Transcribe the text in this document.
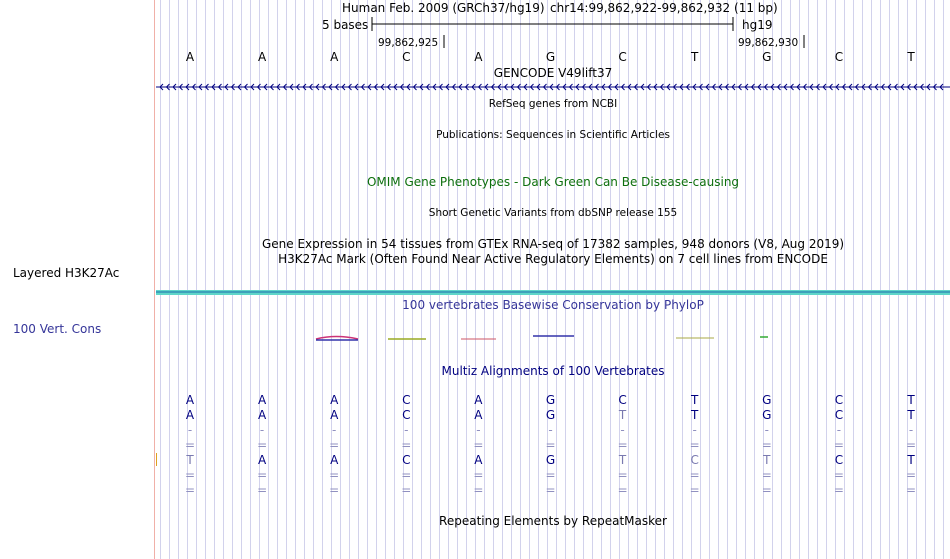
Layered H3K27Ac
100 Vert. Cons
Human Feb. 2009 (GRCh37/hg19) chr14:99,862,922-99,862,932 (11 bp)
5 bases	hg19
99,862,925	99,862,930
A	A	A	C	A	G	C	T	G	C	T
GENCODE V49lift37
RefSeq genes from NCBI
Publications: Sequences in Scientific Articles
OMIM Gene Phenotypes - Dark Green Can Be Disease-causing
Short Genetic Variants from dbSNP release 155
Gene Expression in 54 tissues from GTEx RNA-seq of 17382 samples, 948 donors (V8, Aug 2019)
H3K27Ac Mark (Often Found Near Active Regulatory Elements) on 7 cell lines from ENCODE
100 vertebrates Basewise Conservation by PhyloP
Multiz Alignments of 100 Vertebrates
Repeating Elements by RepeatMasker
A	A	A	C	A	G	C	T	G	C	T
A	A	A	C	A	G	T	T	G	C	T
-	-	-	-	-	-	-	-	-	-	-
=	=	=	=	=	=	=	=	=	=	=
T	A	A	C	A	G	T	C	T	C	T
=	=	=	=	=	=	=	=	=	=	=
=	=	=	=	=	=	=	=	=	=	=
